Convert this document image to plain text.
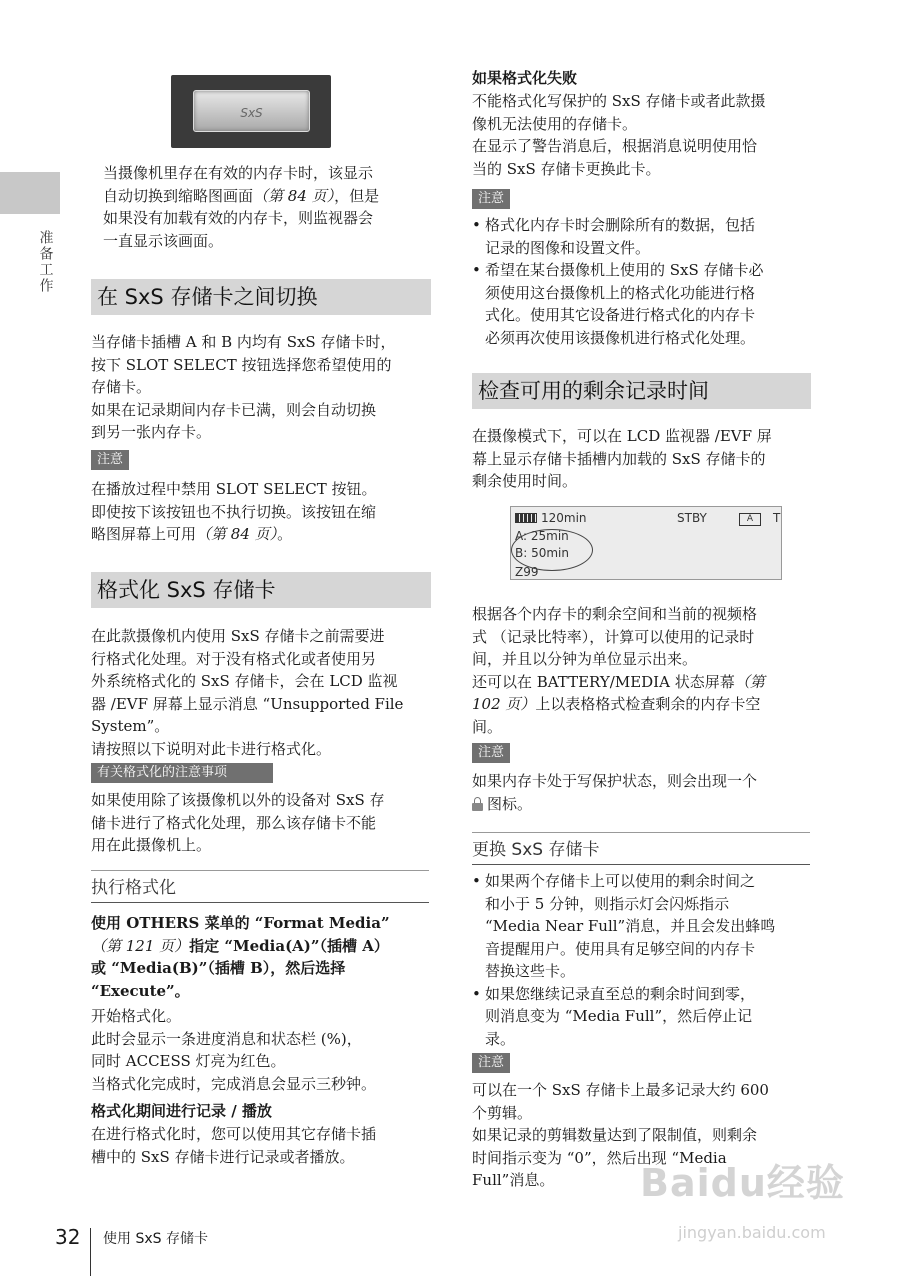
准备工作
SxS

当摄像机里存在有效的内存卡时，该显示

自动切换到缩略图画面（第 84 页），但是

如果没有加载有效的内存卡，则监视器会

一直显示该画面。

在 SxS 存储卡之间切换

当存储卡插槽 A 和 B 内均有 SxS 存储卡时，

按下 SLOT SELECT 按钮选择您希望使用的

存储卡。

如果在记录期间内存卡已满，则会自动切换

到另一张内存卡。

注意

在播放过程中禁用 SLOT SELECT 按钮。

即使按下该按钮也不执行切换。该按钮在缩

略图屏幕上可用（第 84 页）。

格式化 SxS 存储卡

在此款摄像机内使用 SxS 存储卡之前需要进

行格式化处理。对于没有格式化或者使用另

外系统格式化的 SxS 存储卡，会在 LCD 监视

器 /EVF 屏幕上显示消息 “Unsupported File

System”。

请按照以下说明对此卡进行格式化。

有关格式化的注意事项

如果使用除了该摄像机以外的设备对 SxS 存

储卡进行了格式化处理，那么该存储卡不能

用在此摄像机上。

执行格式化

使用 OTHERS 菜单的 “Format Media”

（第 121 页）指定 “Media(A)”（插槽 A）

或 “Media(B)”（插槽 B），然后选择

“Execute”。

开始格式化。

此时会显示一条进度消息和状态栏 (%)，

同时 ACCESS 灯亮为红色。

当格式化完成时，完成消息会显示三秒钟。

格式化期间进行记录 / 播放

在进行格式化时，您可以使用其它存储卡插

槽中的 SxS 存储卡进行记录或者播放。

如果格式化失败

不能格式化写保护的 SxS 存储卡或者此款摄

像机无法使用的存储卡。

在显示了警告消息后，根据消息说明使用恰

当的 SxS 存储卡更换此卡。

注意

• 格式化内存卡时会删除所有的数据，包括

记录的图像和设置文件。

• 希望在某台摄像机上使用的 SxS 存储卡必

须使用这台摄像机上的格式化功能进行格

式化。使用其它设备进行格式化的内存卡

必须再次使用该摄像机进行格式化处理。

检查可用的剩余记录时间

在摄像模式下，可以在 LCD 监视器 /EVF 屏

幕上显示存储卡插槽内加载的 SxS 存储卡的

剩余使用时间。

120min	STBY	A	T
A: 25min
B: 50min
Z99

根据各个内存卡的剩余空间和当前的视频格

式 （记录比特率），计算可以使用的记录时

间，并且以分钟为单位显示出来。

还可以在 BATTERY/MEDIA 状态屏幕（第

102 页）上以表格格式检查剩余的内存卡空

间。

注意

如果内存卡处于写保护状态，则会出现一个

图标。

更换 SxS 存储卡

• 如果两个存储卡上可以使用的剩余时间之

和小于 5 分钟，则指示灯会闪烁指示

“Media Near Full”消息，并且会发出蜂鸣

音提醒用户。使用具有足够空间的内存卡

替换这些卡。

• 如果您继续记录直至总的剩余时间到零，

则消息变为 “Media Full”，然后停止记

录。

注意

可以在一个 SxS 存储卡上最多记录大约 600

个剪辑。

如果记录的剪辑数量达到了限制值，则剩余

时间指示变为 “0”，然后出现 “Media

Full”消息。	Baidu经验
jingyan.baidu.com
32 使用 SxS 存储卡
